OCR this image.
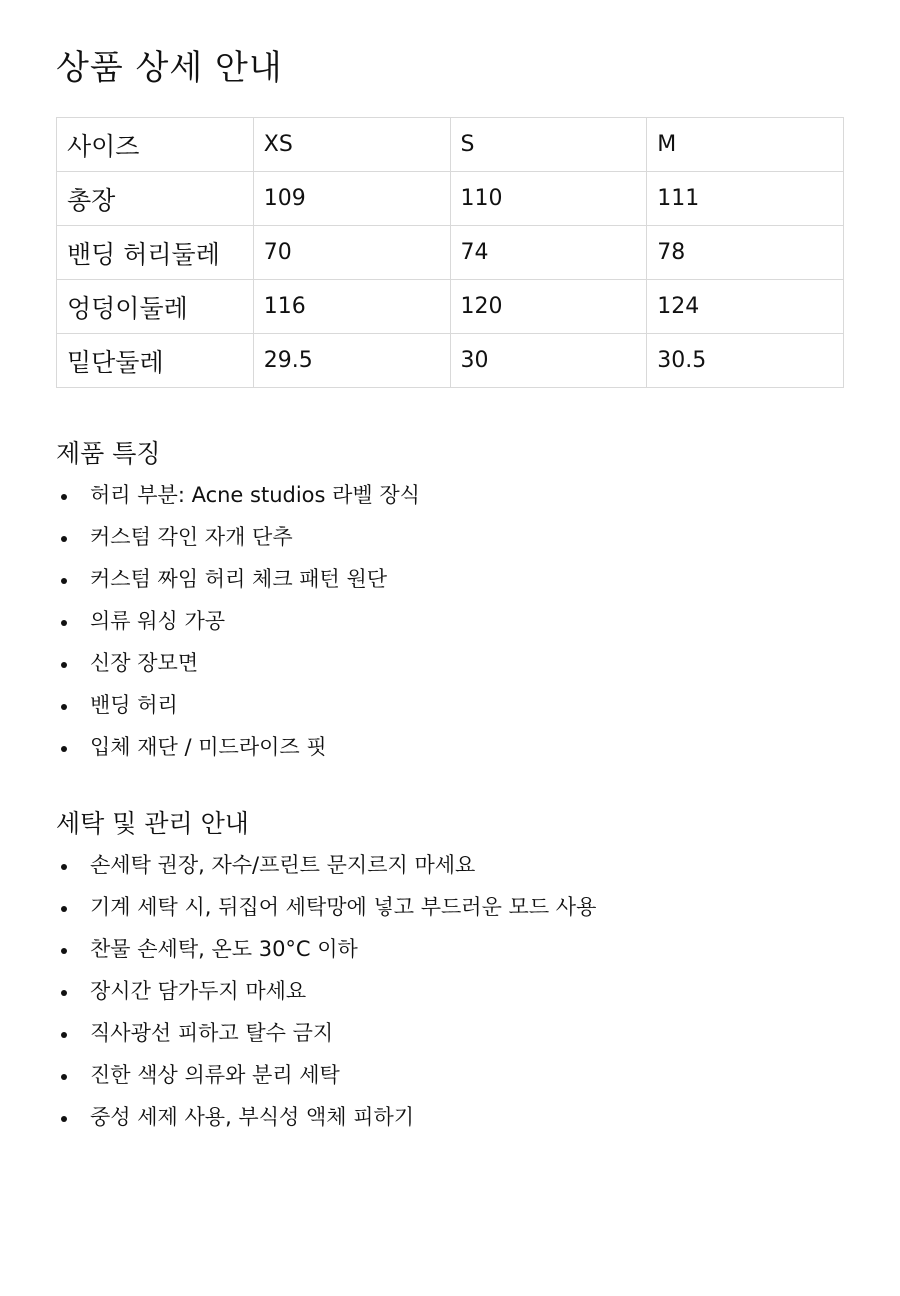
상품 상세 안내
사이즈	XS	S	M
총장	109	110	111
밴딩 허리둘레	70	74	78
엉덩이둘레	116	120	124
밑단둘레	29.5	30	30.5
제품 특징
허리 부분: Acne studios 라벨 장식
커스텀 각인 자개 단추
커스텀 짜임 허리 체크 패턴 원단
의류 워싱 가공
신장 장모면
밴딩 허리
입체 재단 / 미드라이즈 핏
세탁 및 관리 안내
손세탁 권장, 자수/프린트 문지르지 마세요
기계 세탁 시, 뒤집어 세탁망에 넣고 부드러운 모드 사용
찬물 손세탁, 온도 30°C 이하
장시간 담가두지 마세요
직사광선 피하고 탈수 금지
진한 색상 의류와 분리 세탁
중성 세제 사용, 부식성 액체 피하기
